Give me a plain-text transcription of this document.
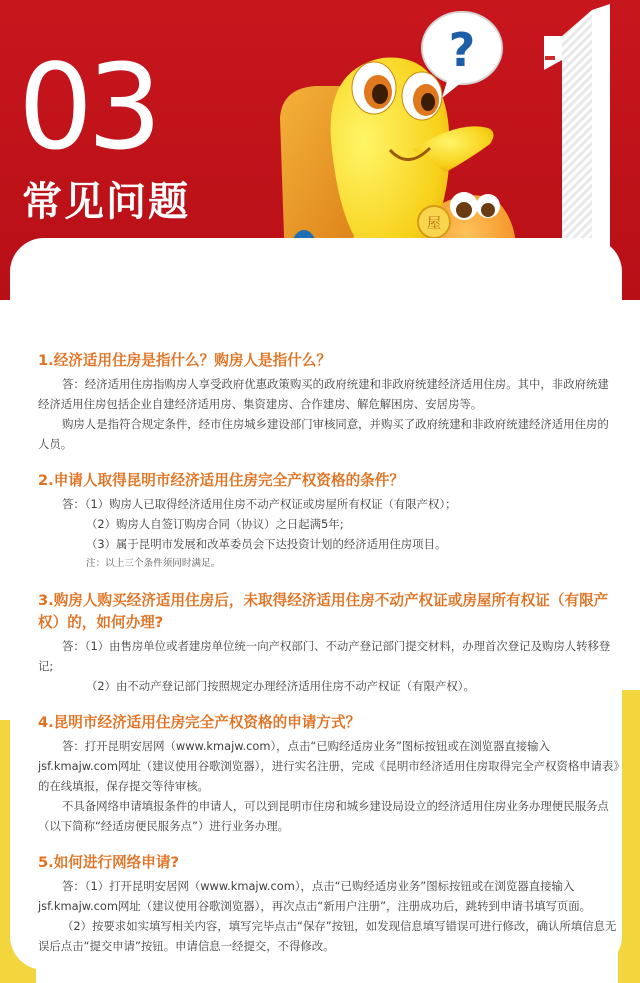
03	?
屋
常见问题
1.经济适用住房是指什么？购房人是指什么？

答：经济适用住房指购房人享受政府优惠政策购买的政府统建和非政府统建经济适用住房。其中，非政府统建经济适用住房包括企业自建经济适用房、集资建房、合作建房、解危解困房、安居房等。

购房人是指符合规定条件，经市住房城乡建设部门审核同意，并购买了政府统建和非政府统建经济适用住房的人员。

2.申请人取得昆明市经济适用住房完全产权资格的条件？

答：（1）购房人已取得经济适用住房不动产权证或房屋所有权证（有限产权）；

（2）购房人自签订购房合同（协议）之日起满5年;

（3）属于昆明市发展和改革委员会下达投资计划的经济适用住房项目。

注：以上三个条件须同时满足。

3.购房人购买经济适用住房后，未取得经济适用住房不动产权证或房屋所有权证（有限产权）的，如何办理?

答：（1）由售房单位或者建房单位统一向产权部门、不动产登记部门提交材料，办理首次登记及购房人转移登记;

（2）由不动产登记部门按照规定办理经济适用住房不动产权证（有限产权）。

4.昆明市经济适用住房完全产权资格的申请方式？

答：打开昆明安居网（www.kmajw.com），点击“已购经适房业务”图标按钮或在浏览器直接输入jsf.kmajw.com网址（建议使用谷歌浏览器），进行实名注册，完成《昆明市经济适用住房取得完全产权资格申请表》的在线填报，保存提交等待审核。

不具备网络申请填报条件的申请人，可以到昆明市住房和城乡建设局设立的经济适用住房业务办理便民服务点（以下简称“经适房便民服务点”）进行业务办理。

5.如何进行网络申请?

答：（1）打开昆明安居网（www.kmajw.com），点击“已购经适房业务”图标按钮或在浏览器直接输入jsf.kmajw.com网址（建议使用谷歌浏览器），再次点击“新用户注册”，注册成功后，跳转到申请书填写页面。

（2）按要求如实填写相关内容，填写完毕点击“保存”按钮，如发现信息填写错误可进行修改，确认所填信息无误后点击“提交申请”按钮。申请信息一经提交，不得修改。
